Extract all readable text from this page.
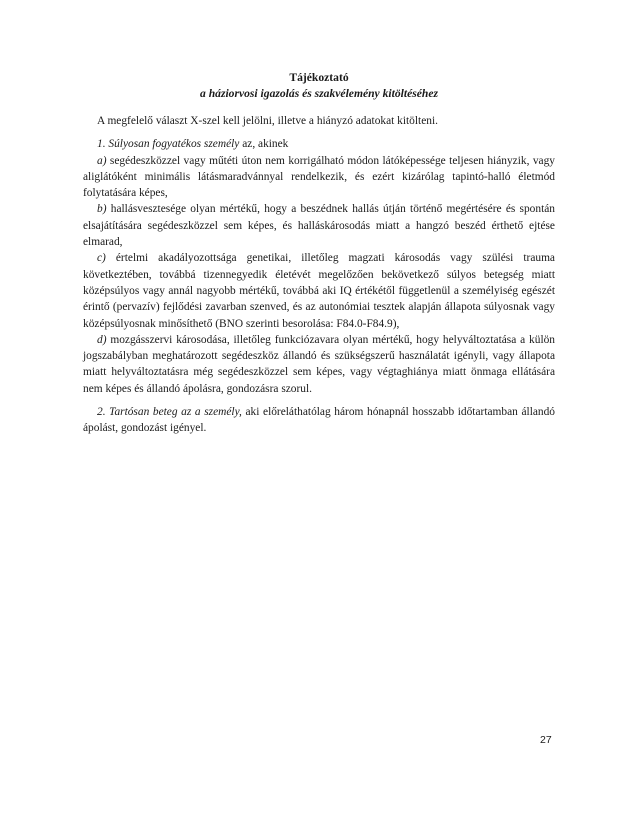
Tájékoztató
a háziorvosi igazolás és szakvélemény kitöltéséhez

A megfelelő választ X-szel kell jelölni, illetve a hiányzó adatokat kitölteni.

1. Súlyosan fogyatékos személy az, akinek

a) segédeszközzel vagy műtéti úton nem korrigálható módon látóképessége teljesen hiányzik, vagy aliglátóként minimális látásmaradvánnyal rendelkezik, és ezért kizárólag tapintó-halló életmód folytatására képes,

b) hallásvesztesége olyan mértékű, hogy a beszédnek hallás útján történő megértésére és spontán elsajátítására segédeszközzel sem képes, és halláskárosodás miatt a hangzó beszéd érthető ejtése elmarad,

c) értelmi akadályozottsága genetikai, illetőleg magzati károsodás vagy szülési trauma következtében, továbbá tizennegyedik életévét megelőzően bekövetkező súlyos betegség miatt középsúlyos vagy annál nagyobb mértékű, továbbá aki IQ értékétől függetlenül a személyiség egészét érintő (pervazív) fejlődési zavarban szenved, és az autonómiai tesztek alapján állapota súlyosnak vagy középsúlyosnak minősíthető (BNO szerinti besorolása: F84.0-F84.9),

d) mozgásszervi károsodása, illetőleg funkciózavara olyan mértékű, hogy helyváltoztatása a külön jogszabályban meghatározott segédeszköz állandó és szükségszerű használatát igényli, vagy állapota miatt helyváltoztatásra még segédeszközzel sem képes, vagy végtaghiánya miatt önmaga ellátására nem képes és állandó ápolásra, gondozásra szorul.

2. Tartósan beteg az a személy, aki előreláthatólag három hónapnál hosszabb időtartamban állandó ápolást, gondozást igényel.

27
